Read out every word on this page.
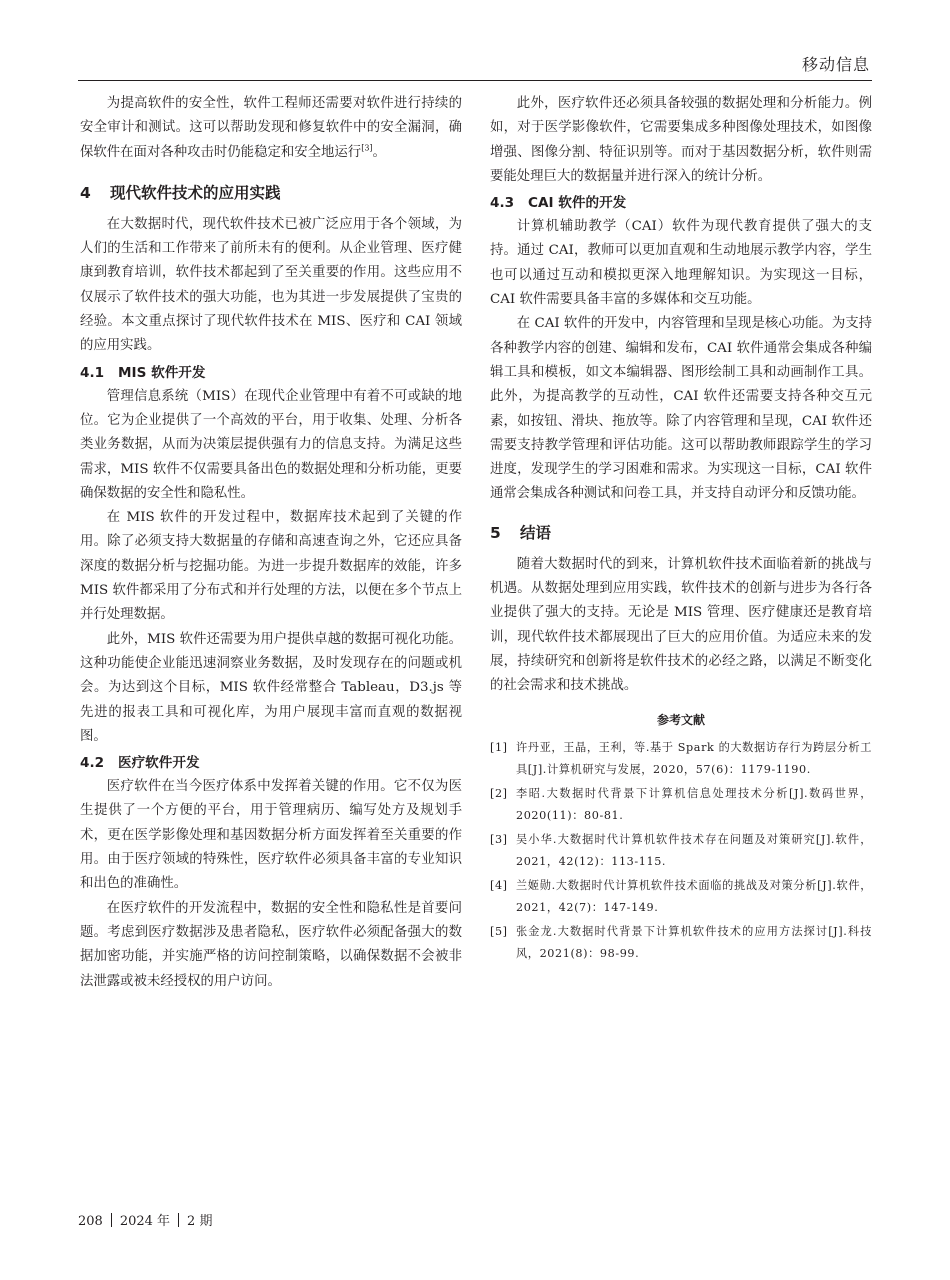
移动信息

为提高软件的安全性，软件工程师还需要对软件进行持续的安全审计和测试。这可以帮助发现和修复软件中的安全漏洞，确保软件在面对各种攻击时仍能稳定和安全地运行[3]。

4 现代软件技术的应用实践

在大数据时代，现代软件技术已被广泛应用于各个领域，为人们的生活和工作带来了前所未有的便利。从企业管理、医疗健康到教育培训，软件技术都起到了至关重要的作用。这些应用不仅展示了软件技术的强大功能，也为其进一步发展提供了宝贵的经验。本文重点探讨了现代软件技术在 MIS、医疗和 CAI 领域的应用实践。

4.1 MIS 软件开发

管理信息系统（MIS）在现代企业管理中有着不可或缺的地位。它为企业提供了一个高效的平台，用于收集、处理、分析各类业务数据，从而为决策层提供强有力的信息支持。为满足这些需求，MIS 软件不仅需要具备出色的数据处理和分析功能，更要确保数据的安全性和隐私性。

在 MIS 软件的开发过程中，数据库技术起到了关键的作用。除了必须支持大数据量的存储和高速查询之外，它还应具备深度的数据分析与挖掘功能。为进一步提升数据库的效能，许多 MIS 软件都采用了分布式和并行处理的方法，以便在多个节点上并行处理数据。

此外，MIS 软件还需要为用户提供卓越的数据可视化功能。这种功能使企业能迅速洞察业务数据，及时发现存在的问题或机会。为达到这个目标，MIS 软件经常整合 Tableau，D3.js 等先进的报表工具和可视化库，为用户展现丰富而直观的数据视图。

4.2 医疗软件开发

医疗软件在当今医疗体系中发挥着关键的作用。它不仅为医生提供了一个方便的平台，用于管理病历、编写处方及规划手术，更在医学影像处理和基因数据分析方面发挥着至关重要的作用。由于医疗领域的特殊性，医疗软件必须具备丰富的专业知识和出色的准确性。

在医疗软件的开发流程中，数据的安全性和隐私性是首要问题。考虑到医疗数据涉及患者隐私，医疗软件必须配备强大的数据加密功能，并实施严格的访问控制策略，以确保数据不会被非法泄露或被未经授权的用户访问。

此外，医疗软件还必须具备较强的数据处理和分析能力。例如，对于医学影像软件，它需要集成多种图像处理技术，如图像增强、图像分割、特征识别等。而对于基因数据分析，软件则需要能处理巨大的数据量并进行深入的统计分析。

4.3 CAI 软件的开发

计算机辅助教学（CAI）软件为现代教育提供了强大的支持。通过 CAI，教师可以更加直观和生动地展示教学内容，学生也可以通过互动和模拟更深入地理解知识。为实现这一目标，CAI 软件需要具备丰富的多媒体和交互功能。

在 CAI 软件的开发中，内容管理和呈现是核心功能。为支持各种教学内容的创建、编辑和发布，CAI 软件通常会集成各种编辑工具和模板，如文本编辑器、图形绘制工具和动画制作工具。此外，为提高教学的互动性，CAI 软件还需要支持各种交互元素，如按钮、滑块、拖放等。除了内容管理和呈现，CAI 软件还需要支持教学管理和评估功能。这可以帮助教师跟踪学生的学习进度，发现学生的学习困难和需求。为实现这一目标，CAI 软件通常会集成各种测试和问卷工具，并支持自动评分和反馈功能。

5 结语

随着大数据时代的到来，计算机软件技术面临着新的挑战与机遇。从数据处理到应用实践，软件技术的创新与进步为各行各业提供了强大的支持。无论是 MIS 管理、医疗健康还是教育培训，现代软件技术都展现出了巨大的应用价值。为适应未来的发展，持续研究和创新将是软件技术的必经之路，以满足不断变化的社会需求和技术挑战。

参考文献
[1] 许丹亚，王晶，王利，等.基于 Spark 的大数据访存行为跨层分析工具[J].计算机研究与发展，2020，57(6)：1179-1190.
[2] 李昭.大数据时代背景下计算机信息处理技术分析[J].数码世界，2020(11)：80-81.
[3] 吴小华.大数据时代计算机软件技术存在问题及对策研究[J].软件，2021，42(12)：113-115.
[4] 兰姬勋.大数据时代计算机软件技术面临的挑战及对策分析[J].软件，2021，42(7)：147-149.
[5] 张金龙.大数据时代背景下计算机软件技术的应用方法探讨[J].科技风，2021(8)：98-99.
208 2024 年 2 期
